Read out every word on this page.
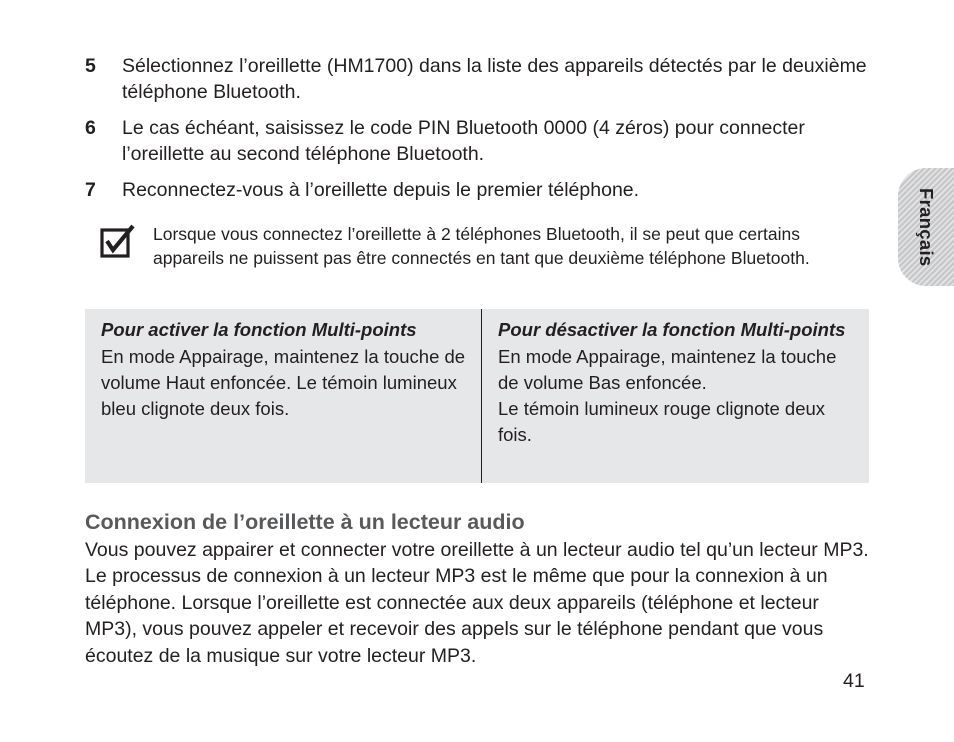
5	Sélectionnez l’oreillette (HM1700) dans la liste des appareils détectés par le deuxième téléphone Bluetooth.
6	Le cas échéant, saisissez le code PIN Bluetooth 0000 (4 zéros) pour connecter l’oreillette au second téléphone Bluetooth.
7	Reconnectez-vous à l’oreillette depuis le premier téléphone.
Lorsque vous connectez l’oreillette à 2 téléphones Bluetooth, il se peut que certains appareils ne puissent pas être connectés en tant que deuxième téléphone Bluetooth.
Pour activer la fonction Multi-points
En mode Appairage, maintenez la touche de volume Haut enfoncée. Le témoin lumineux bleu clignote deux fois.
Pour désactiver la fonction Multi-points
En mode Appairage, maintenez la touche de volume Bas enfoncée.
Le témoin lumineux rouge clignote deux fois.
Connexion de l’oreillette à un lecteur audio
Vous pouvez appairer et connecter votre oreillette à un lecteur audio tel qu’un lecteur MP3. Le processus de connexion à un lecteur MP3 est le même que pour la connexion à un téléphone. Lorsque l’oreillette est connectée aux deux appareils (téléphone et lecteur MP3), vous pouvez appeler et recevoir des appels sur le téléphone pendant que vous écoutez de la musique sur votre lecteur MP3.
41
Français
